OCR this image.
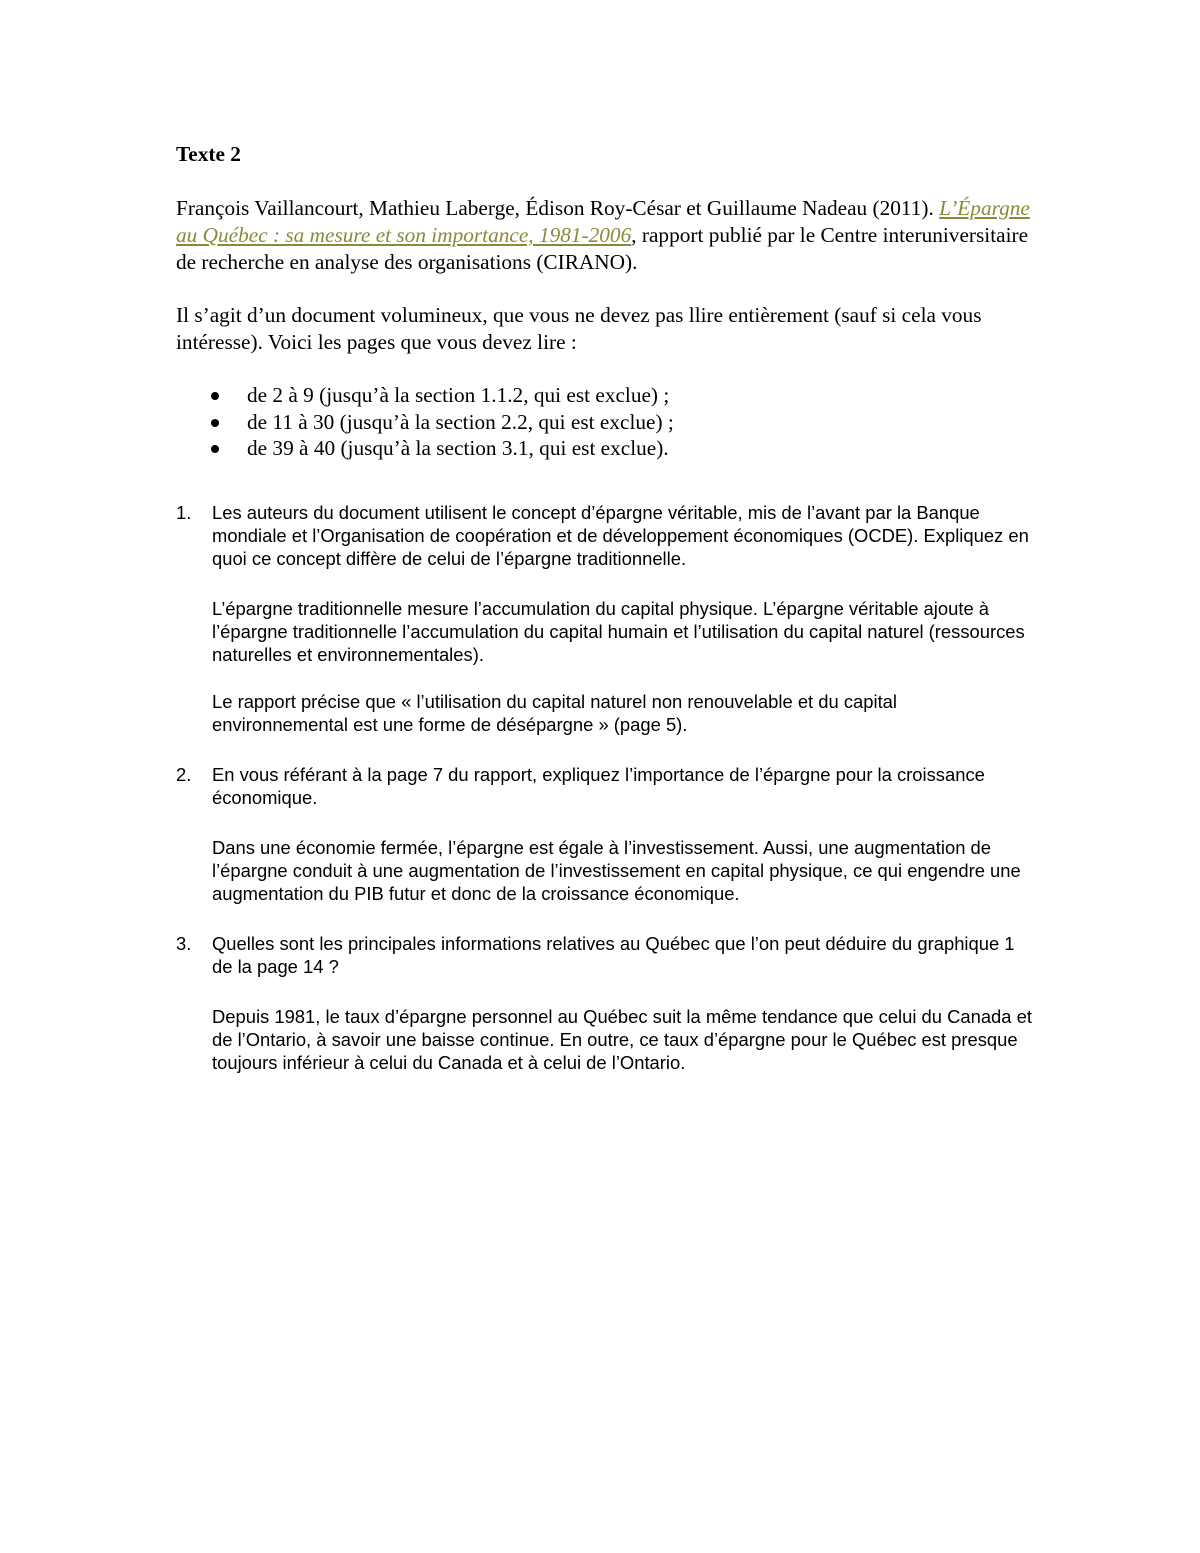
Texte 2

François Vaillancourt, Mathieu Laberge, Édison Roy-César et Guillaume Nadeau (2011). L’Épargne au Québec : sa mesure et son importance, 1981-2006, rapport publié par le Centre interuniversitaire de recherche en analyse des organisations (CIRANO).

Il s’agit d’un document volumineux, que vous ne devez pas llire entièrement (sauf si cela vous intéresse). Voici les pages que vous devez lire :

de 2 à 9 (jusqu’à la section 1.1.2, qui est exclue) ;
de 11 à 30 (jusqu’à la section 2.2, qui est exclue) ;
de 39 à 40 (jusqu’à la section 3.1, qui est exclue).
1. Les auteurs du document utilisent le concept d’épargne véritable, mis de l’avant par la Banque mondiale et l’Organisation de coopération et de développement économiques (OCDE). Expliquez en quoi ce concept diffère de celui de l’épargne traditionnelle.

L’épargne traditionnelle mesure l’accumulation du capital physique. L’épargne véritable ajoute à l’épargne traditionnelle l’accumulation du capital humain et l’utilisation du capital naturel (ressources naturelles et environnementales).

Le rapport précise que « l’utilisation du capital naturel non renouvelable et du capital environnemental est une forme de désépargne » (page 5).

2. En vous référant à la page 7 du rapport, expliquez l’importance de l’épargne pour la croissance économique.

Dans une économie fermée, l’épargne est égale à l’investissement. Aussi, une augmentation de l’épargne conduit à une augmentation de l’investissement en capital physique, ce qui engendre une augmentation du PIB futur et donc de la croissance économique.

3. Quelles sont les principales informations relatives au Québec que l’on peut déduire du graphique 1 de la page 14 ?

Depuis 1981, le taux d’épargne personnel au Québec suit la même tendance que celui du Canada et de l’Ontario, à savoir une baisse continue. En outre, ce taux d’épargne pour le Québec est presque toujours inférieur à celui du Canada et à celui de l’Ontario.
